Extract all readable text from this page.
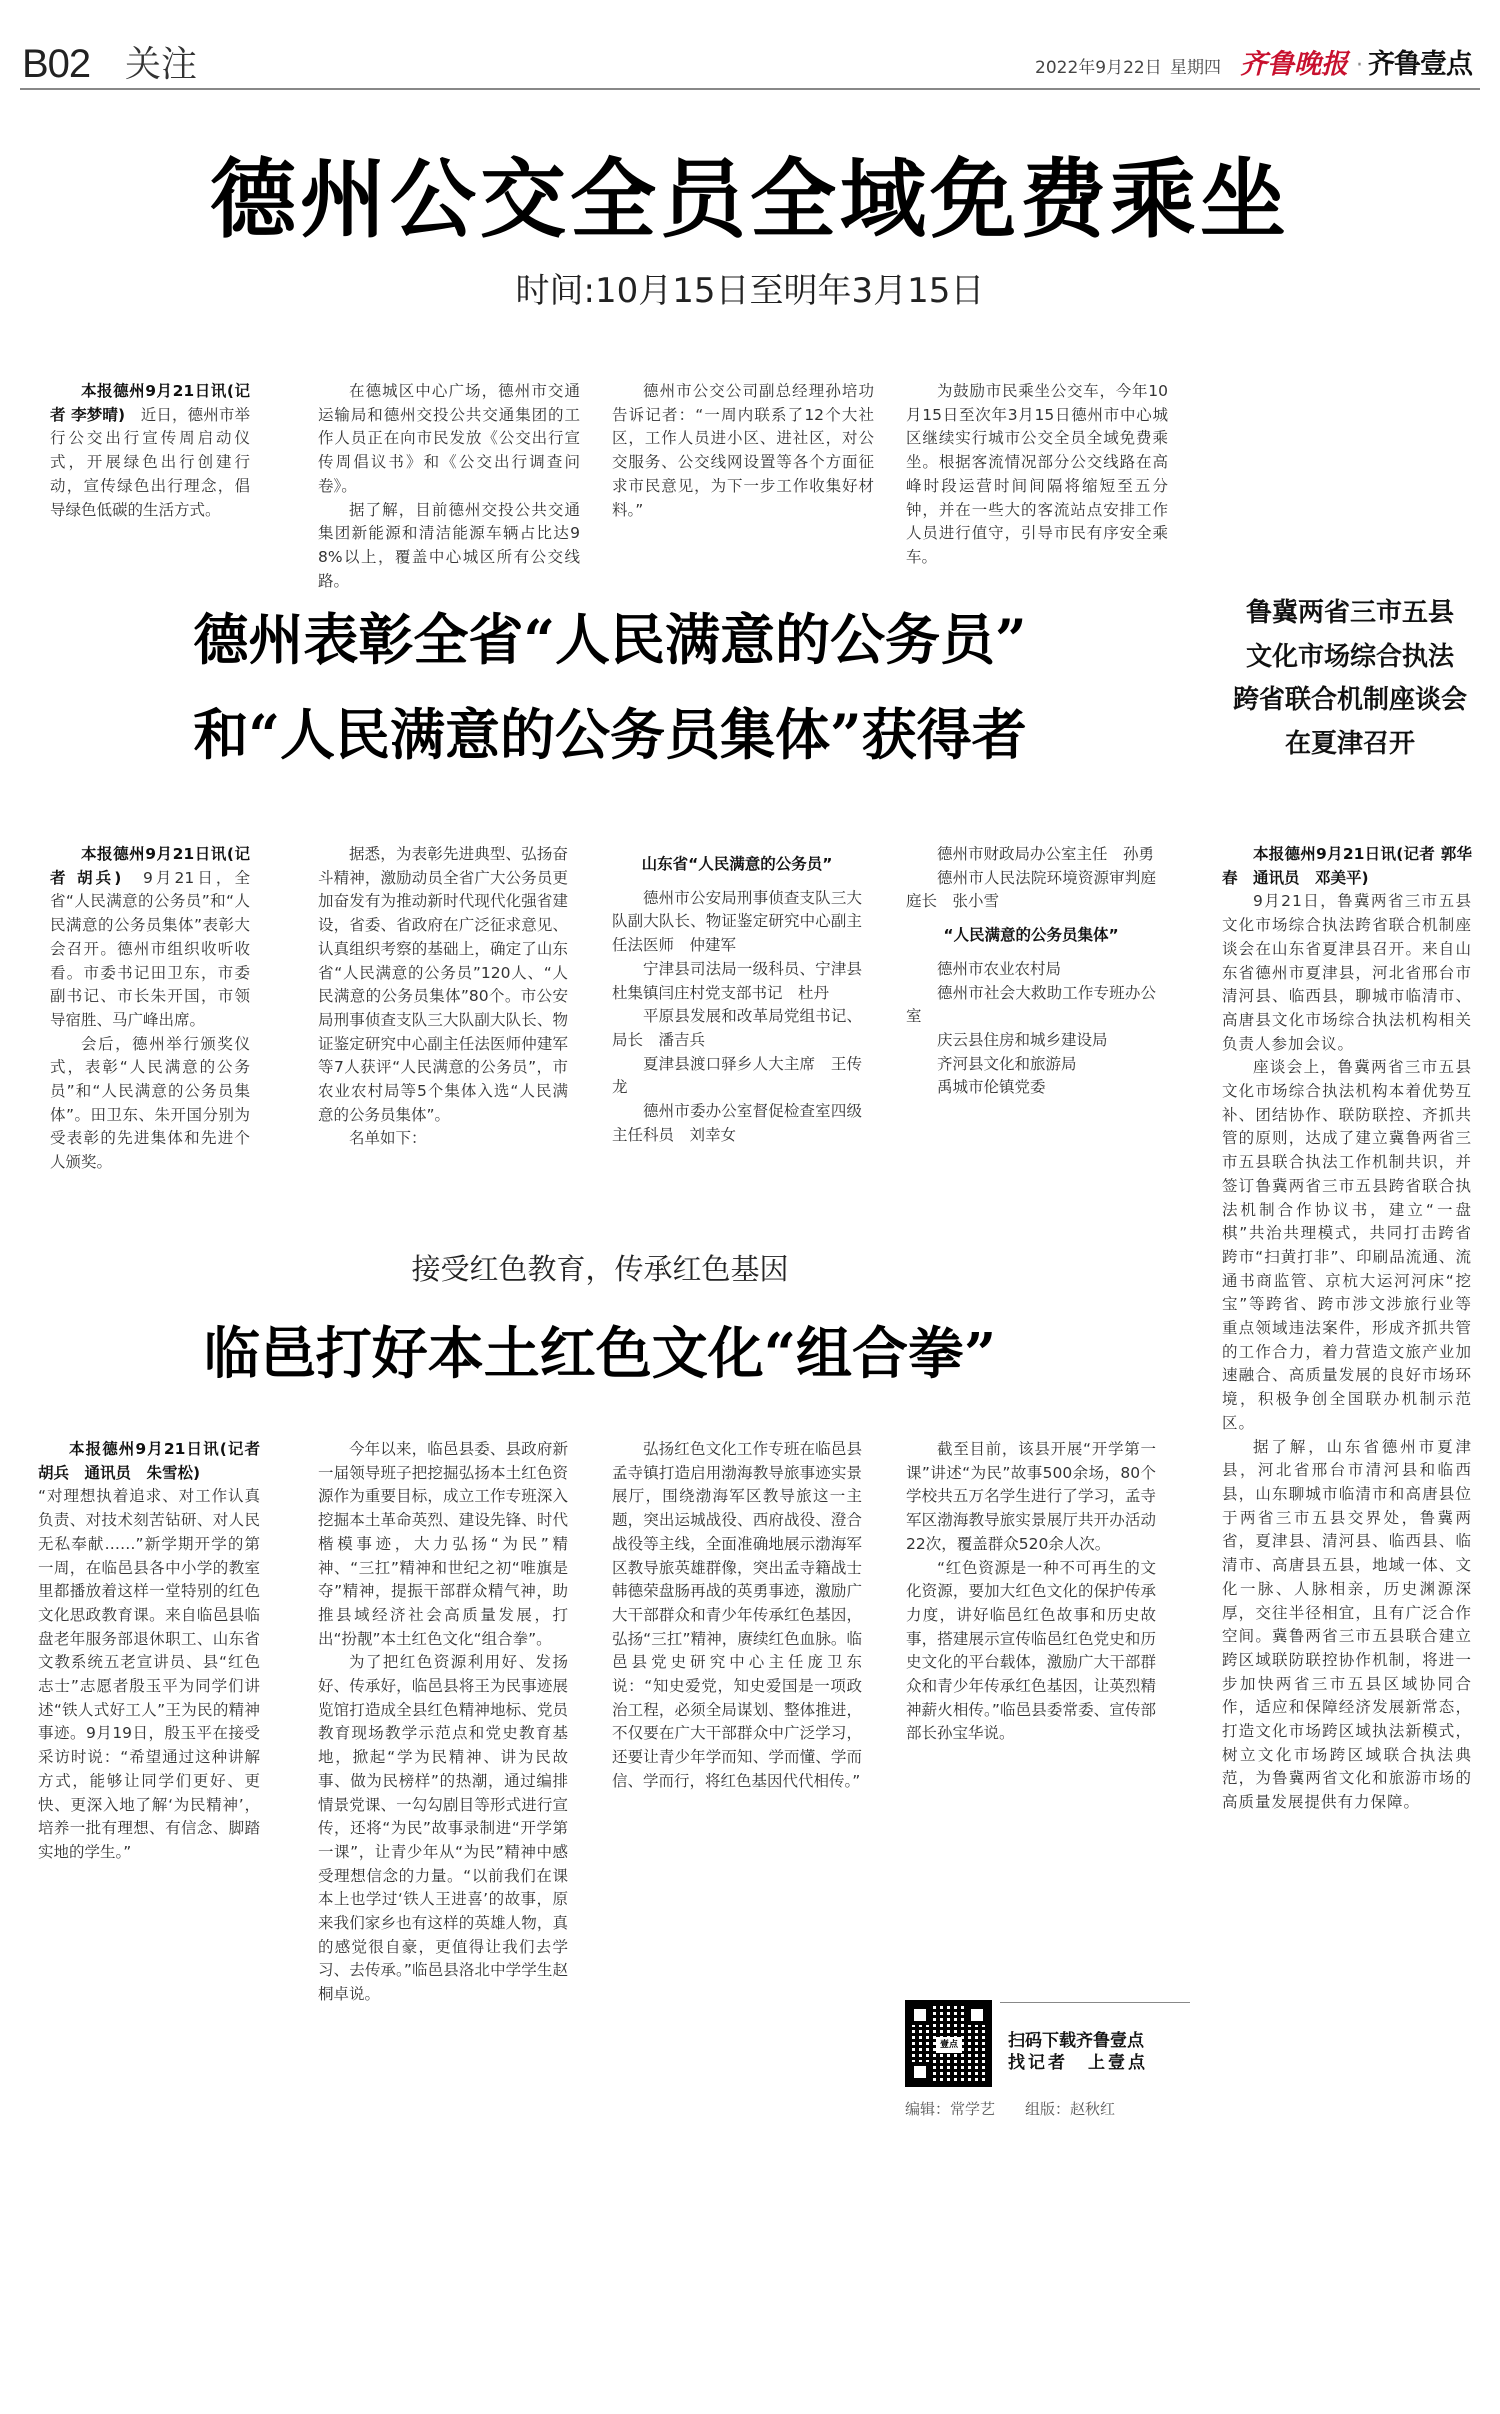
B02 关注	2022年9月22日 星期四 齐鲁晚报 · 齐鲁壹点
德州公交全员全域免费乘坐
时间:10月15日至明年3月15日

本报德州9月21日讯(记者 李梦晴)　 近日，德州市举行公交出行宣传周启动仪式，开展绿色出行创建行动，宣传绿色出行理念，倡导绿色低碳的生活方式。

在德城区中心广场，德州市交通运输局和德州交投公共交通集团的工作人员正在向市民发放《公交出行宣传周倡议书》和《公交出行调查问卷》。

据了解，目前德州交投公共交通集团新能源和清洁能源车辆占比达98%以上，覆盖中心城区所有公交线路。

德州市公交公司副总经理孙培功告诉记者：“一周内联系了12个大社区，工作人员进小区、进社区，对公交服务、公交线网设置等各个方面征求市民意见，为下一步工作收集好材料。”

为鼓励市民乘坐公交车，今年10月15日至次年3月15日德州市中心城区继续实行城市公交全员全域免费乘坐。根据客流情况部分公交线路在高峰时段运营时间间隔将缩短至五分钟，并在一些大的客流站点安排工作人员进行值守，引导市民有序安全乘车。

德州表彰全省“人民满意的公务员”
和“人民满意的公务员集体”获得者

本报德州9月21日讯(记者 胡兵)　 9月21日，全省“人民满意的公务员”和“人民满意的公务员集体”表彰大会召开。德州市组织收听收看。市委书记田卫东，市委副书记、市长朱开国，市领导宿胜、马广峰出席。

会后，德州举行颁奖仪式，表彰“人民满意的公务员”和“人民满意的公务员集体”。田卫东、朱开国分别为受表彰的先进集体和先进个人颁奖。

据悉，为表彰先进典型、弘扬奋斗精神，激励动员全省广大公务员更加奋发有为推动新时代现代化强省建设，省委、省政府在广泛征求意见、认真组织考察的基础上，确定了山东省“人民满意的公务员”120人、“人民满意的公务员集体”80个。市公安局刑事侦查支队三大队副大队长、物证鉴定研究中心副主任法医师仲建军等7人获评“人民满意的公务员”，市农业农村局等5个集体入选“人民满意的公务员集体”。

名单如下：

山东省“人民满意的公务员”

德州市公安局刑事侦查支队三大队副大队长、物证鉴定研究中心副主任法医师　仲建军

宁津县司法局一级科员、宁津县杜集镇闫庄村党支部书记　杜丹

平原县发展和改革局党组书记、局长　潘吉兵

夏津县渡口驿乡人大主席　王传龙

德州市委办公室督促检查室四级主任科员　刘幸女

德州市财政局办公室主任　孙勇

德州市人民法院环境资源审判庭庭长　张小雪

“人民满意的公务员集体”

德州市农业农村局

德州市社会大救助工作专班办公室

庆云县住房和城乡建设局

齐河县文化和旅游局

禹城市伦镇党委

鲁冀两省三市五县
文化市场综合执法
跨省联合机制座谈会
在夏津召开

本报德州9月21日讯(记者 郭华春　通讯员　邓美平)

9月21日，鲁冀两省三市五县文化市场综合执法跨省联合机制座谈会在山东省夏津县召开。来自山东省德州市夏津县，河北省邢台市清河县、临西县，聊城市临清市、高唐县文化市场综合执法机构相关负责人参加会议。

座谈会上，鲁冀两省三市五县文化市场综合执法机构本着优势互补、团结协作、联防联控、齐抓共管的原则，达成了建立冀鲁两省三市五县联合执法工作机制共识，并签订鲁冀两省三市五县跨省联合执法机制合作协议书，建立“一盘棋”共治共理模式，共同打击跨省跨市“扫黄打非”、印刷品流通、流通书商监管、京杭大运河河床“挖宝”等跨省、跨市涉文涉旅行业等重点领域违法案件，形成齐抓共管的工作合力，着力营造文旅产业加速融合、高质量发展的良好市场环境，积极争创全国联办机制示范区。

据了解，山东省德州市夏津县，河北省邢台市清河县和临西县，山东聊城市临清市和高唐县位于两省三市五县交界处，鲁冀两省，夏津县、清河县、临西县、临清市、高唐县五县，地域一体、文化一脉、人脉相亲，历史渊源深厚，交往半径相宜，且有广泛合作空间。冀鲁两省三市五县联合建立跨区域联防联控协作机制，将进一步加快两省三市五县区域协同合作，适应和保障经济发展新常态，打造文化市场跨区域执法新模式，树立文化市场跨区域联合执法典范，为鲁冀两省文化和旅游市场的高质量发展提供有力保障。

接受红色教育，传承红色基因
临邑打好本土红色文化“组合拳”

本报德州9月21日讯(记者 胡兵　通讯员　朱雪松)

“对理想执着追求、对工作认真负责、对技术刻苦钻研、对人民无私奉献……”新学期开学的第一周，在临邑县各中小学的教室里都播放着这样一堂特别的红色文化思政教育课。来自临邑县临盘老年服务部退休职工、山东省文教系统五老宣讲员、县“红色志士”志愿者殷玉平为同学们讲述“铁人式好工人”王为民的精神事迹。9月19日，殷玉平在接受采访时说：“希望通过这种讲解方式，能够让同学们更好、更快、更深入地了解‘为民精神’，培养一批有理想、有信念、脚踏实地的学生。”

今年以来，临邑县委、县政府新一届领导班子把挖掘弘扬本土红色资源作为重要目标，成立工作专班深入挖掘本土革命英烈、建设先锋、时代楷模事迹，大力弘扬“为民”精神、“三扛”精神和世纪之初“唯旗是夺”精神，提振干部群众精气神，助推县域经济社会高质量发展，打出“扮靓”本土红色文化“组合拳”。

为了把红色资源利用好、发扬好、传承好，临邑县将王为民事迹展览馆打造成全县红色精神地标、党员教育现场教学示范点和党史教育基地，掀起“学为民精神、讲为民故事、做为民榜样”的热潮，通过编排情景党课、一勾勾剧目等形式进行宣传，还将“为民”故事录制进“开学第一课”，让青少年从“为民”精神中感受理想信念的力量。“以前我们在课本上也学过‘铁人王进喜’的故事，原来我们家乡也有这样的英雄人物，真的感觉很自豪，更值得让我们去学习、去传承。”临邑县洛北中学学生赵桐卓说。

弘扬红色文化工作专班在临邑县孟寺镇打造启用渤海教导旅事迹实景展厅，围绕渤海军区教导旅这一主题，突出运城战役、西府战役、澄合战役等主线，全面准确地展示渤海军区教导旅英雄群像，突出孟寺籍战士韩德荣盘肠再战的英勇事迹，激励广大干部群众和青少年传承红色基因，弘扬“三扛”精神，赓续红色血脉。临邑县党史研究中心主任庞卫东说：“知史爱党，知史爱国是一项政治工程，必须全局谋划、整体推进，不仅要在广大干部群众中广泛学习，还要让青少年学而知、学而懂、学而信、学而行，将红色基因代代相传。”

截至目前，该县开展“开学第一课”讲述“为民”故事500余场，80个学校共五万名学生进行了学习，孟寺军区渤海教导旅实景展厅共开办活动22次，覆盖群众520余人次。

“红色资源是一种不可再生的文化资源，要加大红色文化的保护传承力度，讲好临邑红色故事和历史故事，搭建展示宣传临邑红色党史和历史文化的平台载体，激励广大干部群众和青少年传承红色基因，让英烈精神薪火相传。”临邑县委常委、宣传部部长孙宝华说。

壹点	扫码下载齐鲁壹点
找记者　上壹点
编辑：常学艺　　 组版：赵秋红
